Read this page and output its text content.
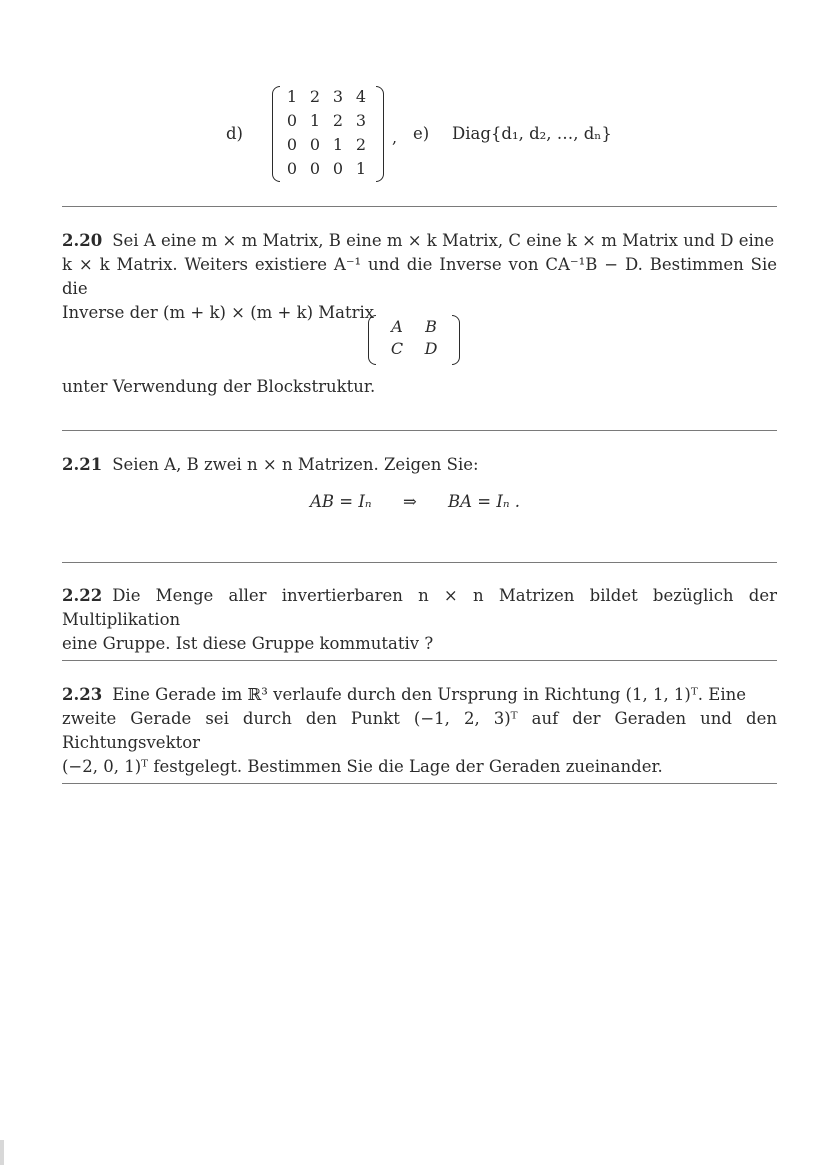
d)
1 2 3 4
0 1 2 3
0 0 1 2
0 0 0 1
, e) Diag{d₁, d₂, …, dₙ}
2.20 Sei A eine m × m Matrix, B eine m × k Matrix, C eine k × m Matrix und D eine
k × k Matrix. Weiters existiere A⁻¹ und die Inverse von CA⁻¹B − D. Bestimmen Sie die
Inverse der (m + k) × (m + k) Matrix
A	B
C	D
unter Verwendung der Blockstruktur.
2.21 Seien A, B zwei n × n Matrizen. Zeigen Sie:
AB = Iₙ ⇒ BA = Iₙ .
2.22 Die Menge aller invertierbaren n × n Matrizen bildet bezüglich der Multiplikation
eine Gruppe. Ist diese Gruppe kommutativ ?
2.23 Eine Gerade im ℝ³ verlaufe durch den Ursprung in Richtung (1, 1, 1)ᵀ. Eine
zweite Gerade sei durch den Punkt (−1, 2, 3)ᵀ auf der Geraden und den Richtungsvektor
(−2, 0, 1)ᵀ festgelegt. Bestimmen Sie die Lage der Geraden zueinander.
